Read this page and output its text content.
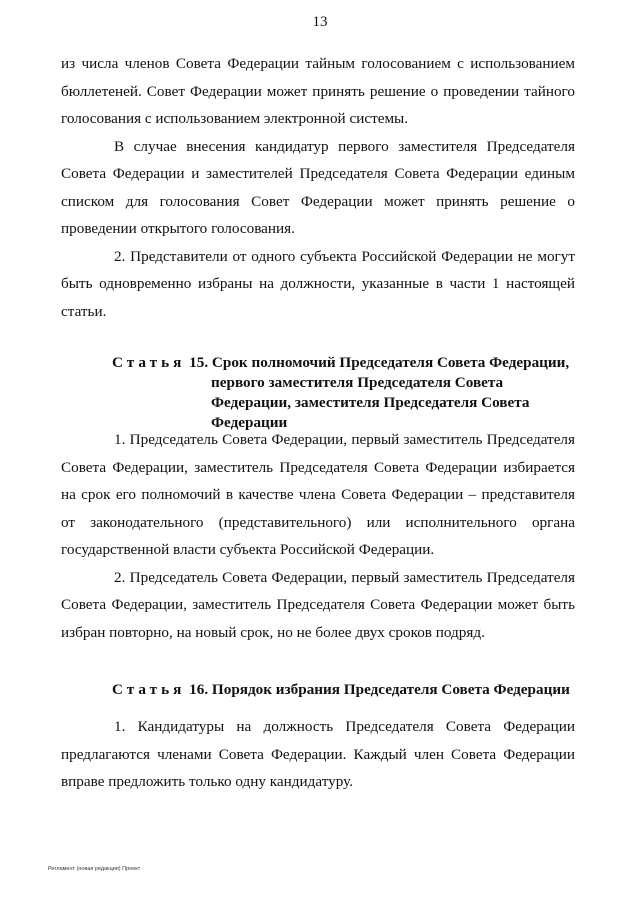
13

из числа членов Совета Федерации тайным голосованием с использованием бюллетеней. Совет Федерации может принять решение о проведении тайного голосования с использованием электронной системы.

В случае внесения кандидатур первого заместителя Председателя Совета Федерации и заместителей Председателя Совета Федерации единым списком для голосования Совет Федерации может принять решение о проведении открытого голосования.

2. Представители от одного субъекта Российской Федерации не могут быть одновременно избраны на должности, указанные в части 1 настоящей статьи.

Статья 15. Срок полномочий Председателя Совета Федерации,
первого заместителя Председателя Совета
Федерации, заместителя Председателя Совета
Федерации

1. Председатель Совета Федерации, первый заместитель Председателя Совета Федерации, заместитель Председателя Совета Федерации избирается на срок его полномочий в качестве члена Совета Федерации – представителя от законодательного (представительного) или исполнительного органа государственной власти субъекта Российской Федерации.

2. Председатель Совета Федерации, первый заместитель Председателя Совета Федерации, заместитель Председателя Совета Федерации может быть избран повторно, на новый срок, но не более двух сроков подряд.

Статья 16. Порядок избрания Председателя Совета Федерации

1. Кандидатуры на должность Председателя Совета Федерации предлагаются членами Совета Федерации. Каждый член Совета Федерации вправе предложить только одну кандидатуру.

Регламент (новая редакция) Проект
